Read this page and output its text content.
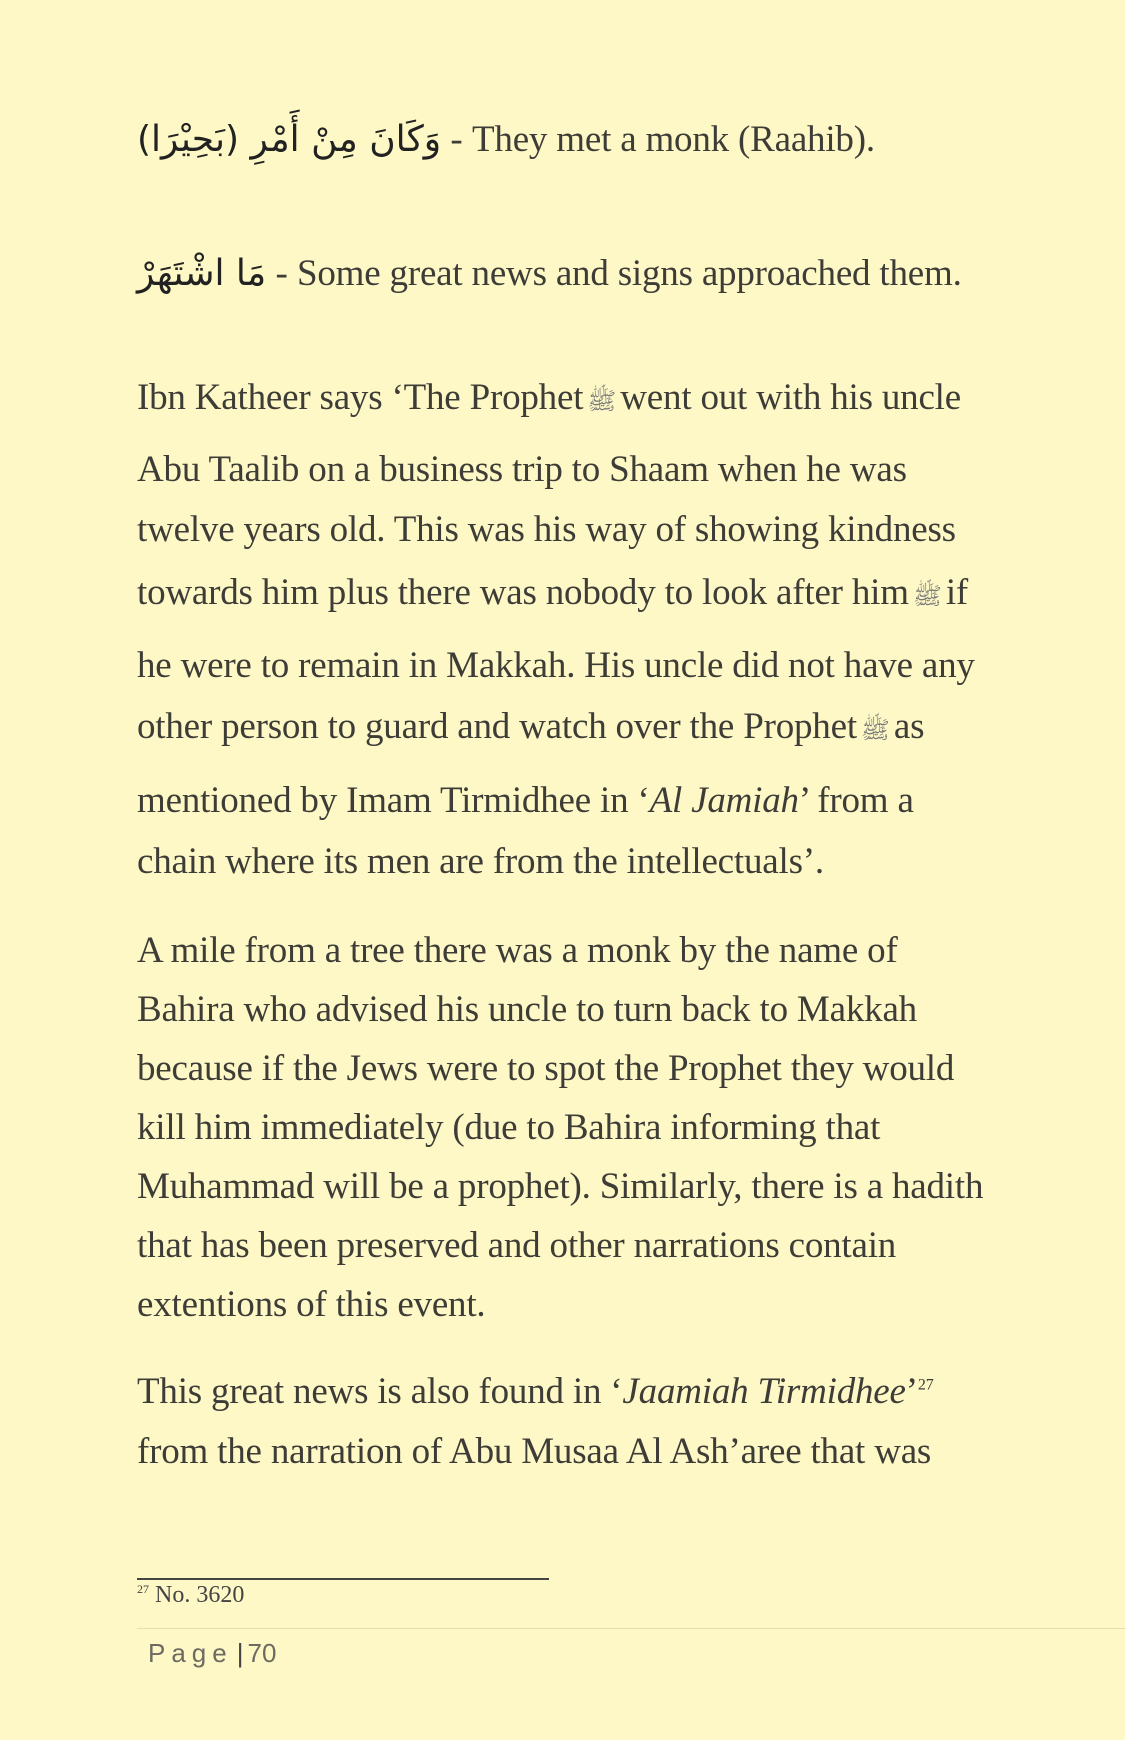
وَكَانَ مِنْ أَمْرِ (بَحِيْرَا) - They met a monk (Raahib).
مَا اشْتَهَرْ - Some great news and signs approached them.
Ibn Katheer says ‘The Prophet ﷺ went out with his uncle
Abu Taalib on a business trip to Shaam when he was
twelve years old. This was his way of showing kindness
towards him plus there was nobody to look after him ﷺ if
he were to remain in Makkah. His uncle did not have any
other person to guard and watch over the Prophet ﷺ as
mentioned by Imam Tirmidhee in ‘Al Jamiah’ from a
chain where its men are from the intellectuals’.
A mile from a tree there was a monk by the name of
Bahira who advised his uncle to turn back to Makkah
because if the Jews were to spot the Prophet they would
kill him immediately (due to Bahira informing that
Muhammad will be a prophet). Similarly, there is a hadith
that has been preserved and other narrations contain
extentions of this event.
This great news is also found in ‘Jaamiah Tirmidhee’$^{27}$
from the narration of Abu Musaa Al Ash’aree that was
$^{27}$ No. 3620
Page | 70
